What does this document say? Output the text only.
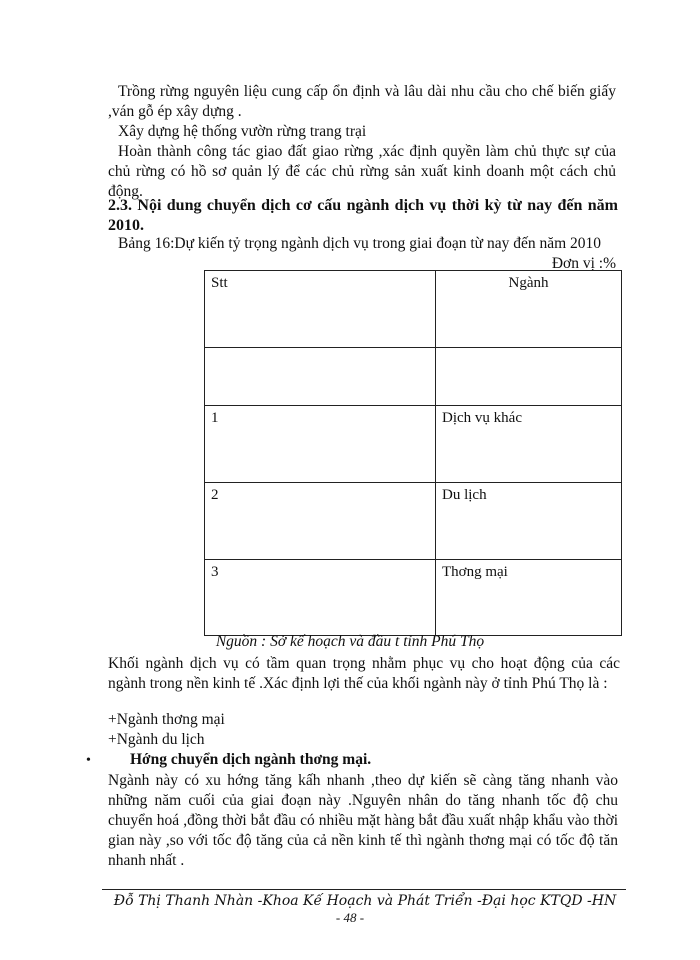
Trồng rừng nguyên liệu cung cấp ổn định và lâu dài nhu cầu cho chế biến giấy ,ván gỗ ép xây dựng .
Xây dựng hệ thống vườn rừng trang trại
Hoàn thành công tác giao đất giao rừng ,xác định quyền làm chủ thực sự của chủ rừng có hồ sơ quản lý để các chủ rừng sản xuất kinh doanh một cách chủ động.
2.3. Nội dung chuyển dịch cơ cấu ngành dịch vụ thời kỳ từ nay đến năm 2010.
Bảng 16:Dự kiến tỷ trọng ngành dịch vụ trong giai đoạn từ nay đến năm 2010
Đơn vị :%
Stt	Ngành

1	Dịch vụ khác
2	Du lịch
3	Thơng mại
Nguồn : Sở kế hoạch và đầu t tỉnh Phú Thọ
Khối ngành dịch vụ có tầm quan trọng nhằm phục vụ cho hoạt động của các ngành trong nền kinh tế .Xác định lợi thế của khối ngành này ở tỉnh Phú Thọ là :
+Ngành thơng mại
+Ngành du lịch
•	Hớng chuyển dịch ngành thơng mại.
Ngành này có xu hớng tăng kấh nhanh ,theo dự kiến sẽ càng tăng nhanh vào những năm cuối của giai đoạn này .Nguyên nhân do tăng nhanh tốc độ chu chuyển hoá ,đồng thời bắt đầu có nhiều mặt hàng bắt đầu xuất nhập khẩu vào thời gian này ,so với tốc độ tăng của cả nền kinh tế thì ngành thơng mại có tốc độ tăn nhanh nhất .
Đỗ Thị Thanh Nhàn -Khoa Kế Hoạch và Phát Triển -Đại học KTQD -HN
- 48 -
